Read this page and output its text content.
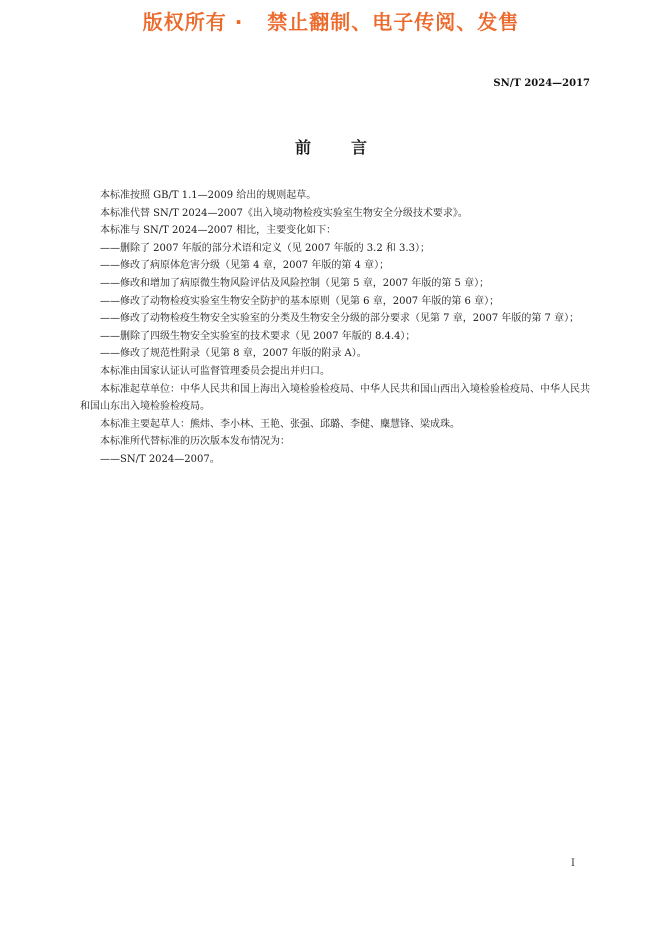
版权所有 ·   禁止翻制、电子传阅、发售
SN/T 2024—2017
前言

本标准按照 GB/T 1.1—2009 给出的规则起草。

本标准代替 SN/T 2024—2007《出入境动物检疫实验室生物安全分级技术要求》。

本标准与 SN/T 2024—2007 相比，主要变化如下：

——删除了 2007 年版的部分术语和定义（见 2007 年版的 3.2 和 3.3）；

——修改了病原体危害分级（见第 4 章，2007 年版的第 4 章）；

——修改和增加了病原微生物风险评估及风险控制（见第 5 章，2007 年版的第 5 章）；

——修改了动物检疫实验室生物安全防护的基本原则（见第 6 章，2007 年版的第 6 章）；

——修改了动物检疫生物安全实验室的分类及生物安全分级的部分要求（见第 7 章，2007 年版的第 7 章）；

——删除了四级生物安全实验室的技术要求（见 2007 年版的 8.4.4）；

——修改了规范性附录（见第 8 章，2007 年版的附录 A）。

本标准由国家认证认可监督管理委员会提出并归口。

本标准起草单位：中华人民共和国上海出入境检验检疫局、中华人民共和国山西出入境检验检疫局、中华人民共和国山东出入境检验检疫局。

本标准主要起草人：熊炜、李小林、王艳、张强、邱璐、李健、麋慧锋、梁成珠。

本标准所代替标准的历次版本发布情况为：

——SN/T 2024—2007。

I
